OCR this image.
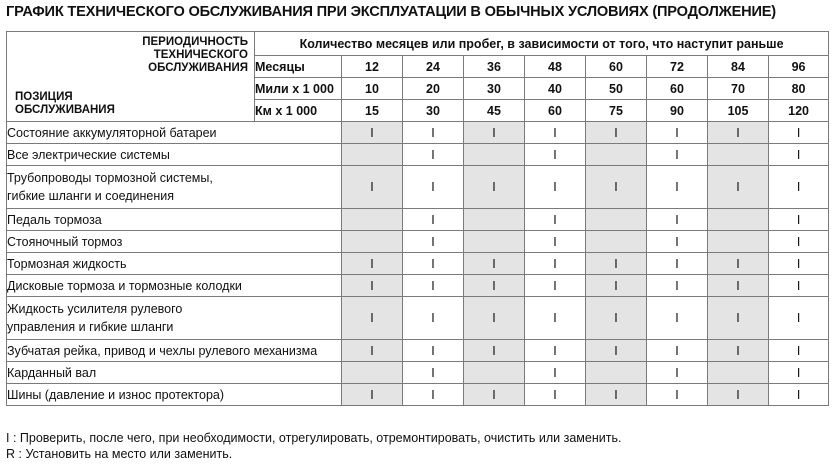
ГРАФИК ТЕХНИЧЕСКОГО ОБСЛУЖИВАНИЯ ПРИ ЭКСПЛУАТАЦИИ В ОБЫЧНЫХ УСЛОВИЯХ (ПРОДОЛЖЕНИЕ)
ПЕРИОДИЧНОСТЬ
ТЕХНИЧЕСКОГО
ОБСЛУЖИВАНИЯ
ПОЗИЦИЯ
ОБСЛУЖИВАНИЯ	Количество месяцев или пробег, в зависимости от того, что наступит раньше								
	Месяцы	12	24	36	48	60	72	84	96
	Мили х 1 000	10	20	30	40	50	60	70	80
	Км х 1 000	15	30	45	60	75	90	105	120

Состояние аккумуляторной батареи		I	I	I	I	I	I	I	I

Все электрические системы			I		I		I		I

Трубопроводы тормозной системы,
гибкие шланги и соединения		I	I	I	I	I	I	I	I

Педаль тормоза			I		I		I		I

Стояночный тормоз			I		I		I		I

Тормозная жидкость		I	I	I	I	I	I	I	I

Дисковые тормоза и тормозные колодки		I	I	I	I	I	I	I	I

Жидкость усилителя рулевого
управления и гибкие шланги		I	I	I	I	I	I	I	I

Зубчатая рейка, привод и чехлы рулевого механизма		I	I	I	I	I	I	I	I

Карданный вал			I		I		I		I

Шины (давление и износ протектора)		I	I	I	I	I	I	I	I
I : Проверить, после чего, при необходимости, отрегулировать, отремонтировать, очистить или заменить.
R : Установить на место или заменить.
